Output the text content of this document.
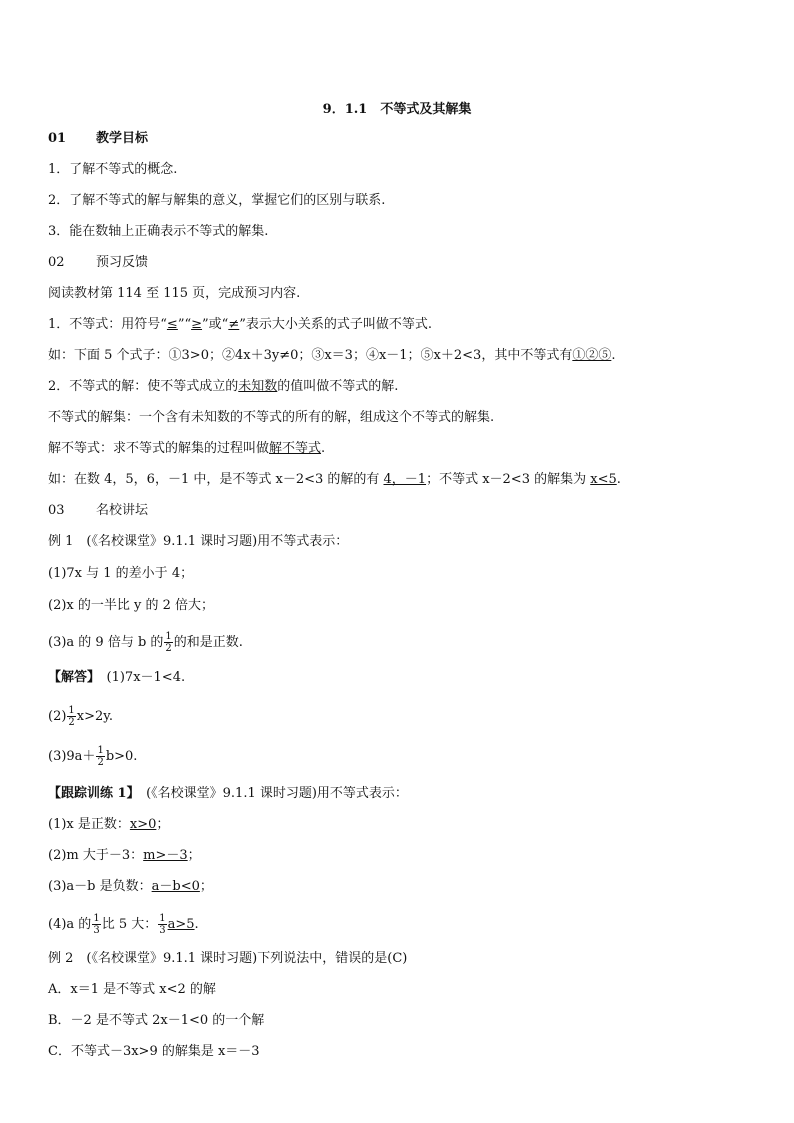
9．1.1　不等式及其解集
01 教学目标
1．了解不等式的概念.
2．了解不等式的解与解集的意义，掌握它们的区别与联系.
3．能在数轴上正确表示不等式的解集.
02 预习反馈
阅读教材第 114 至 115 页，完成预习内容.
1．不等式：用符号“≤”“≥”或“≠”表示大小关系的式子叫做不等式.
如：下面 5 个式子：①3>0；②4x＋3y≠0；③x＝3；④x－1；⑤x＋2<3，其中不等式有①②⑤.
2．不等式的解：使不等式成立的未知数的值叫做不等式的解.
不等式的解集：一个含有未知数的不等式的所有的解，组成这个不等式的解集.
解不等式：求不等式的解集的过程叫做解不等式.
如：在数 4，5，6，－1 中，是不等式 x－2<3 的解的有 4，－1；不等式 x－2<3 的解集为 x<5.
03 名校讲坛
例 1　(《名校课堂》9.1.1 课时习题)用不等式表示：
(1)7x 与 1 的差小于 4；
(2)x 的一半比 y 的 2 倍大；
(3)a 的 9 倍与 b 的 $\frac{1}{2}$ 的和是正数.
【解答】　(1)7x－1<4.
$(2) \frac{1}{2} x>2y$.
$(3)9a+ \frac{1}{2} b>0$.
【跟踪训练 1】　(《名校课堂》9.1.1 课时习题)用不等式表示：
(1)x 是正数：x>0；
(2)m 大于－3：m>－3；
(3)a－b 是负数：a－b<0；
(4)a 的 $\frac{1}{3}$ 比 5 大： $\frac{1}{3} a>5$.
例 2　(《名校课堂》9.1.1 课时习题)下列说法中，错误的是(C)
A．x＝1 是不等式 x<2 的解
B．－2 是不等式 2x－1<0 的一个解
C．不等式－3x>9 的解集是 x＝－3
